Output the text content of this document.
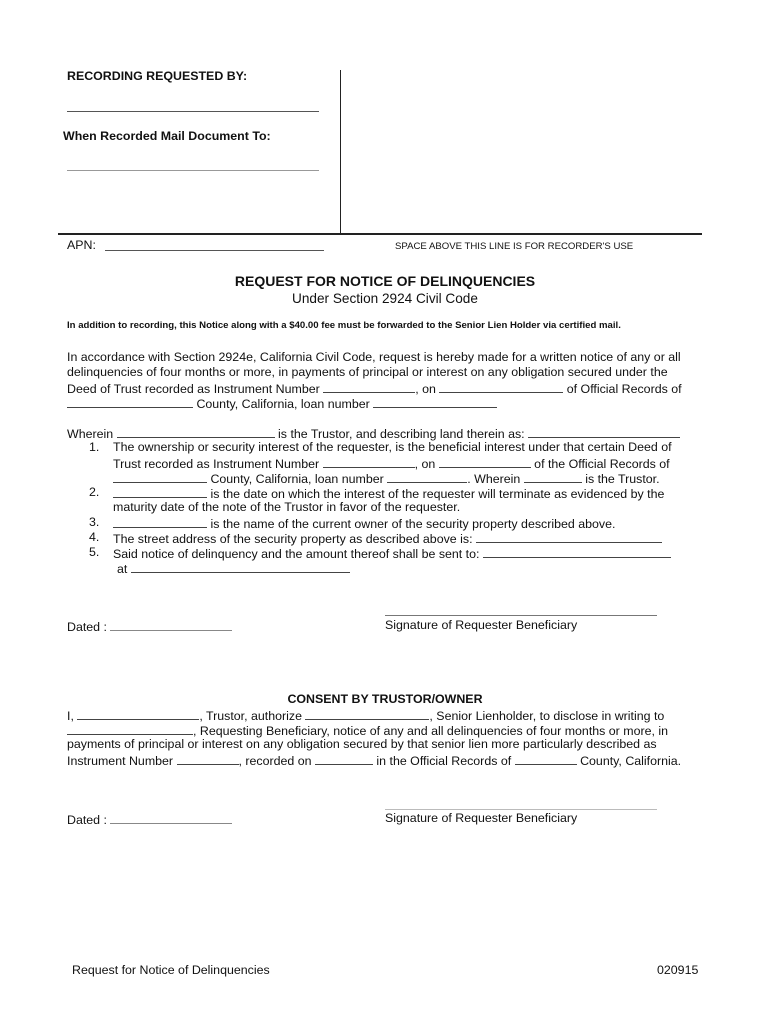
RECORDING REQUESTED BY:
When Recorded Mail Document To:
APN:	SPACE ABOVE THIS LINE IS FOR RECORDER'S USE
REQUEST FOR NOTICE OF DELINQUENCIES
Under Section 2924 Civil Code
In addition to recording, this Notice along with a $40.00 fee must be forwarded to the Senior Lien Holder via certified mail.
In accordance with Section 2924e, California Civil Code, request is hereby made for a written notice of any or all
delinquencies of four months or more, in payments of principal or interest on any obligation secured under the
Deed of Trust recorded as Instrument Number	, on	of Official Records of
County, California, loan number
Wherein	is the Trustor, and describing land therein as:
1. The ownership or security interest of the requester, is the beneficial interest under that certain Deed of
Trust recorded as Instrument Number	, on	of the Official Records of
County, California, loan number	. Wherein	is the Trustor.
2.	is the date on which the interest of the requester will terminate as evidenced by the
maturity date of the note of the Trustor in favor of the requester.
3.	is the name of the current owner of the security property described above.
4. The street address of the security property as described above is:
5. Said notice of delinquency and the amount thereof shall be sent to:
at
Dated :	Signature of Requester Beneficiary
CONSENT BY TRUSTOR/OWNER
I,	, Trustor, authorize	, Senior Lienholder, to disclose in writing to
, Requesting Beneficiary, notice of any and all delinquencies of four months or more, in
payments of principal or interest on any obligation secured by that senior lien more particularly described as
Instrument Number	, recorded on	in the Official Records of	County, California.
Dated :	Signature of Requester Beneficiary
Request for Notice of Delinquencies	020915
